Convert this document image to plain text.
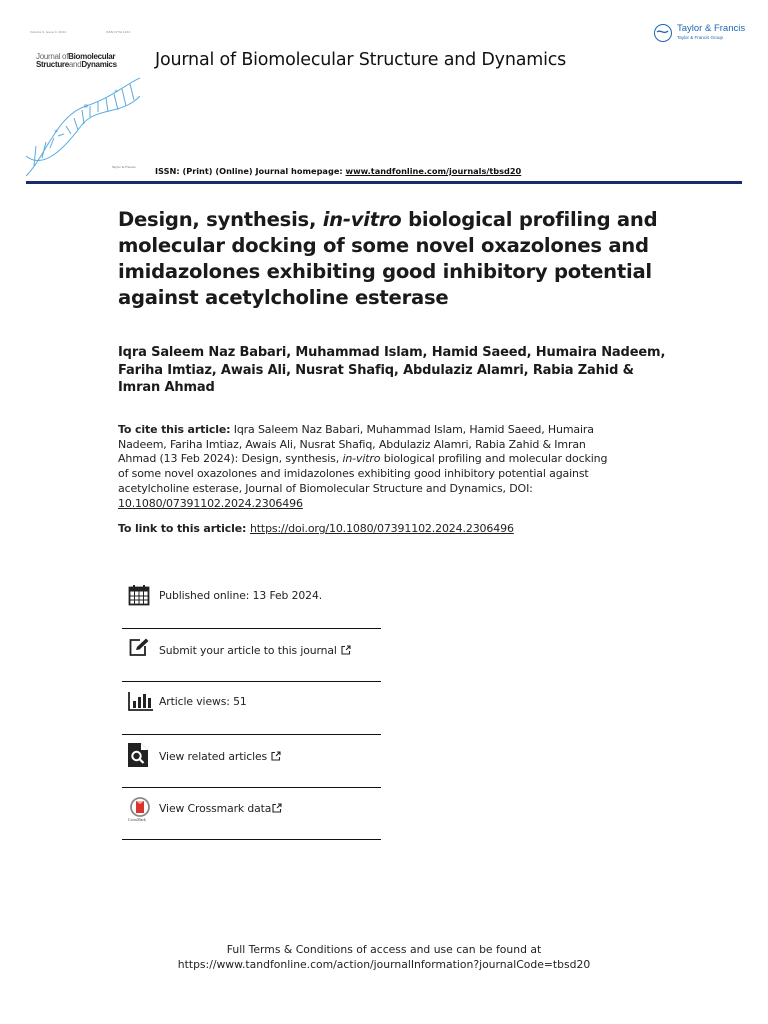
Volume 0, Issue 0, 2024	ISSN 0739-1102
Journal ofBiomolecular
StructureandDynamics
Taylor & Francis
Journal of Biomolecular Structure and Dynamics
Taylor & Francis
Taylor & Francis Group
ISSN: (Print) (Online) Journal homepage: www.tandfonline.com/journals/tbsd20
Design, synthesis, in-vitro biological profiling and molecular docking of some novel oxazolones and imidazolones exhibiting good inhibitory potential against acetylcholine esterase
Iqra Saleem Naz Babari, Muhammad Islam, Hamid Saeed, Humaira Nadeem, Fariha Imtiaz, Awais Ali, Nusrat Shafiq, Abdulaziz Alamri, Rabia Zahid & Imran Ahmad
To cite this article: Iqra Saleem Naz Babari, Muhammad Islam, Hamid Saeed, Humaira Nadeem, Fariha Imtiaz, Awais Ali, Nusrat Shafiq, Abdulaziz Alamri, Rabia Zahid & Imran Ahmad (13 Feb 2024): Design, synthesis, in-vitro biological profiling and molecular docking of some novel oxazolones and imidazolones exhibiting good inhibitory potential against acetylcholine esterase, Journal of Biomolecular Structure and Dynamics, DOI: 10.1080/07391102.2024.2306496
To link to this article: https://doi.org/10.1080/07391102.2024.2306496
Published online: 13 Feb 2024.
Submit your article to this journal
Article views: 51
View related articles
CrossMark
View Crossmark data
Full Terms & Conditions of access and use can be found at
https://www.tandfonline.com/action/journalInformation?journalCode=tbsd20
